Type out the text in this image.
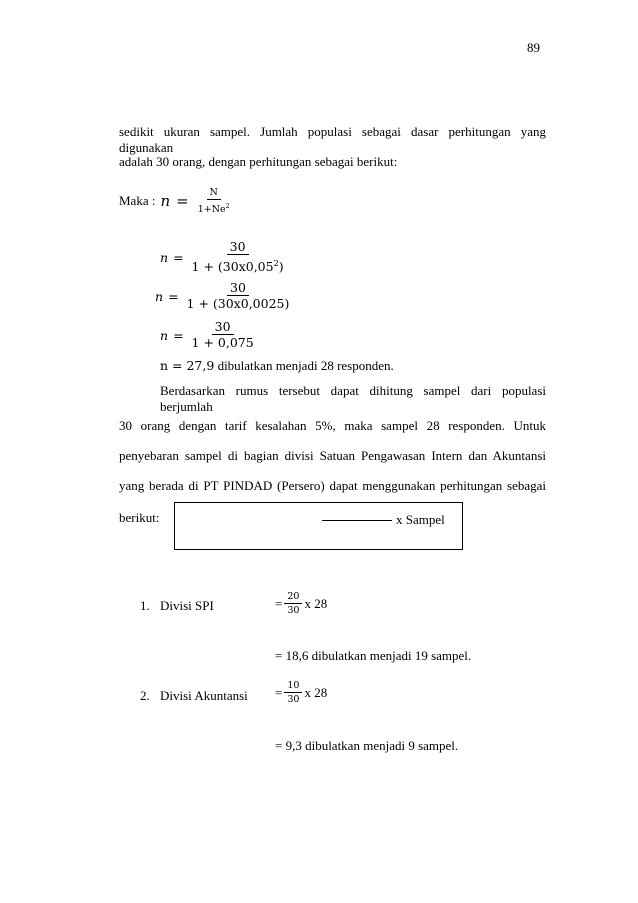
89
sedikit ukuran sampel. Jumlah populasi sebagai dasar perhitungan yang digunakan
adalah 30 orang, dengan perhitungan sebagai berikut:
Maka : $n = \frac{N}{1+Ne^2}$
$n = \frac{30}{1 + (30x0,05^2)}$
$n = \frac{30}{1 + (30x0,0025)}$
$n = \frac{30}{1 + 0,075}$
n = 27,9 dibulatkan menjadi 28 responden.
Berdasarkan rumus tersebut dapat dihitung sampel dari populasi berjumlah
30 orang dengan tarif kesalahan 5%, maka sampel 28 responden. Untuk
penyebaran sampel di bagian divisi Satuan Pengawasan Intern dan Akuntansi
yang berada di PT PINDAD (Persero) dapat menggunakan perhitungan sebagai
berikut:	x Sampel
1. Divisi SPI	= $\frac{20}{30}$ x 28
= 18,6 dibulatkan menjadi 19 sampel.
2. Divisi Akuntansi = $\frac{10}{30}$ x 28
= 9,3 dibulatkan menjadi 9 sampel.
